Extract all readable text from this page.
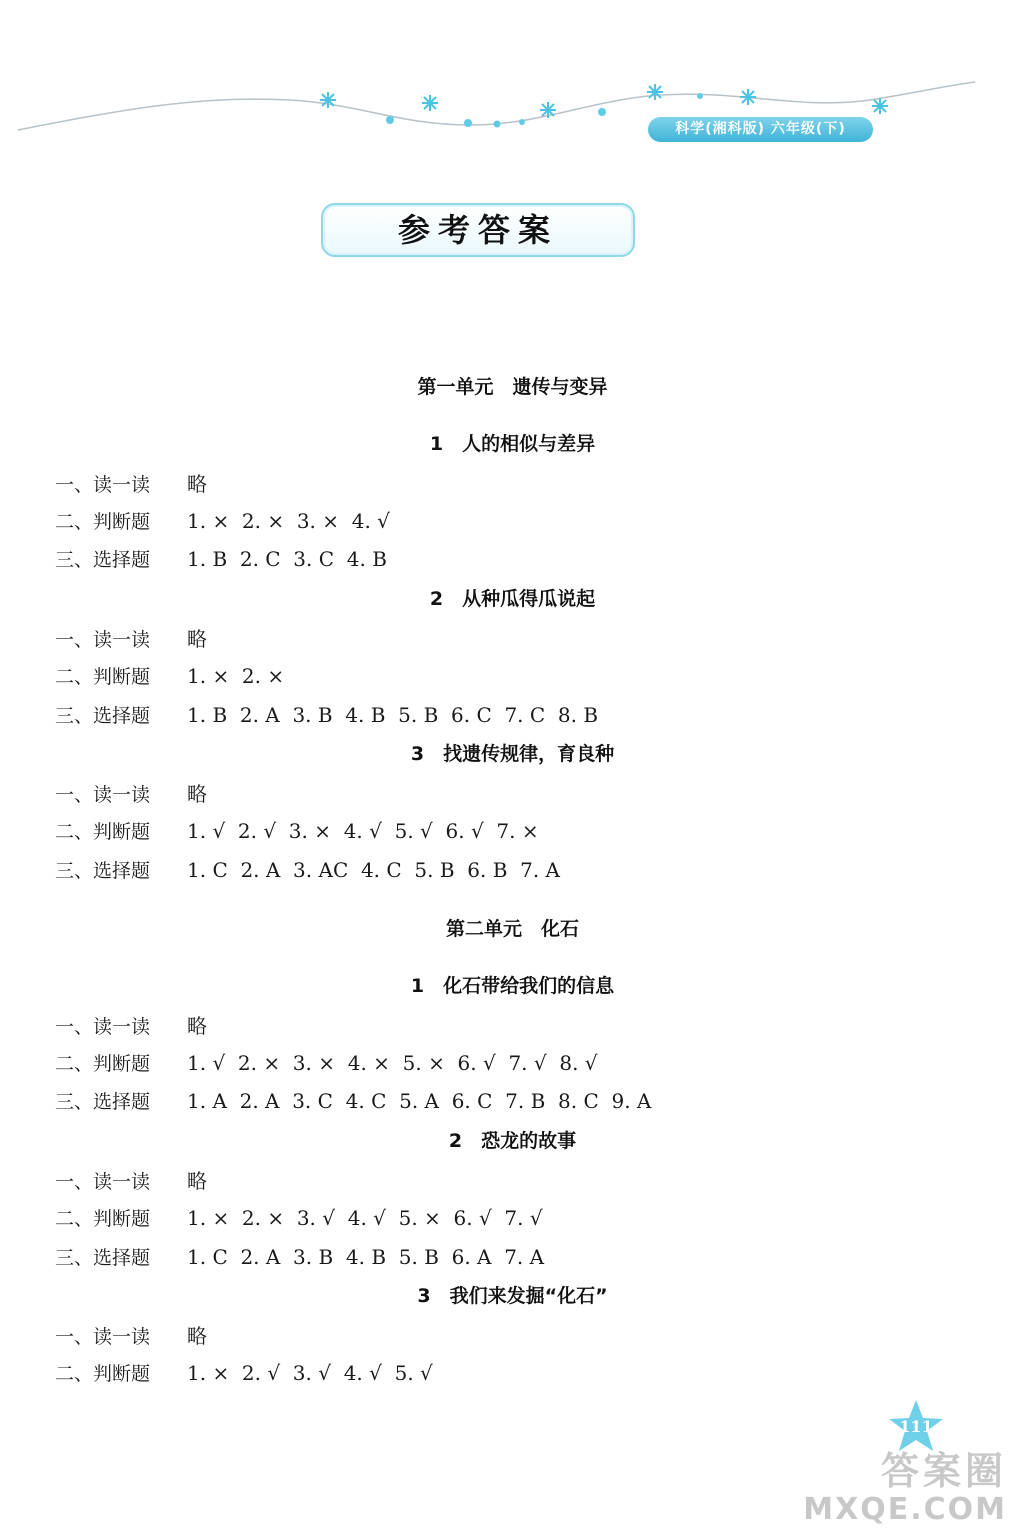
科学(湘科版) 六年级(下)
参考答案
第一单元　遗传与变异
1　人的相似与差异
一、读一读 略
二、判断题 1. ×  2. ×  3. ×  4. √
三、选择题 1. B  2. C  3. C  4. B
2　从种瓜得瓜说起
一、读一读 略
二、判断题 1. ×  2. ×
三、选择题 1. B  2. A  3. B  4. B  5. B  6. C  7. C  8. B
3　找遗传规律，育良种
一、读一读 略
二、判断题 1. √  2. √  3. ×  4. √  5. √  6. √  7. ×
三、选择题 1. C  2. A  3. AC  4. C  5. B  6. B  7. A
第二单元　化石
1　化石带给我们的信息
一、读一读 略
二、判断题 1. √  2. ×  3. ×  4. ×  5. ×  6. √  7. √  8. √
三、选择题 1. A  2. A  3. C  4. C  5. A  6. C  7. B  8. C  9. A
2　恐龙的故事
一、读一读 略
二、判断题 1. ×  2. ×  3. √  4. √  5. ×  6. √  7. √
三、选择题 1. C  2. A  3. B  4. B  5. B  6. A  7. A
3　我们来发掘“化石”
一、读一读 略
二、判断题 1. ×  2. √  3. √  4. √  5. √
111
答案圈
MXQE.COM
